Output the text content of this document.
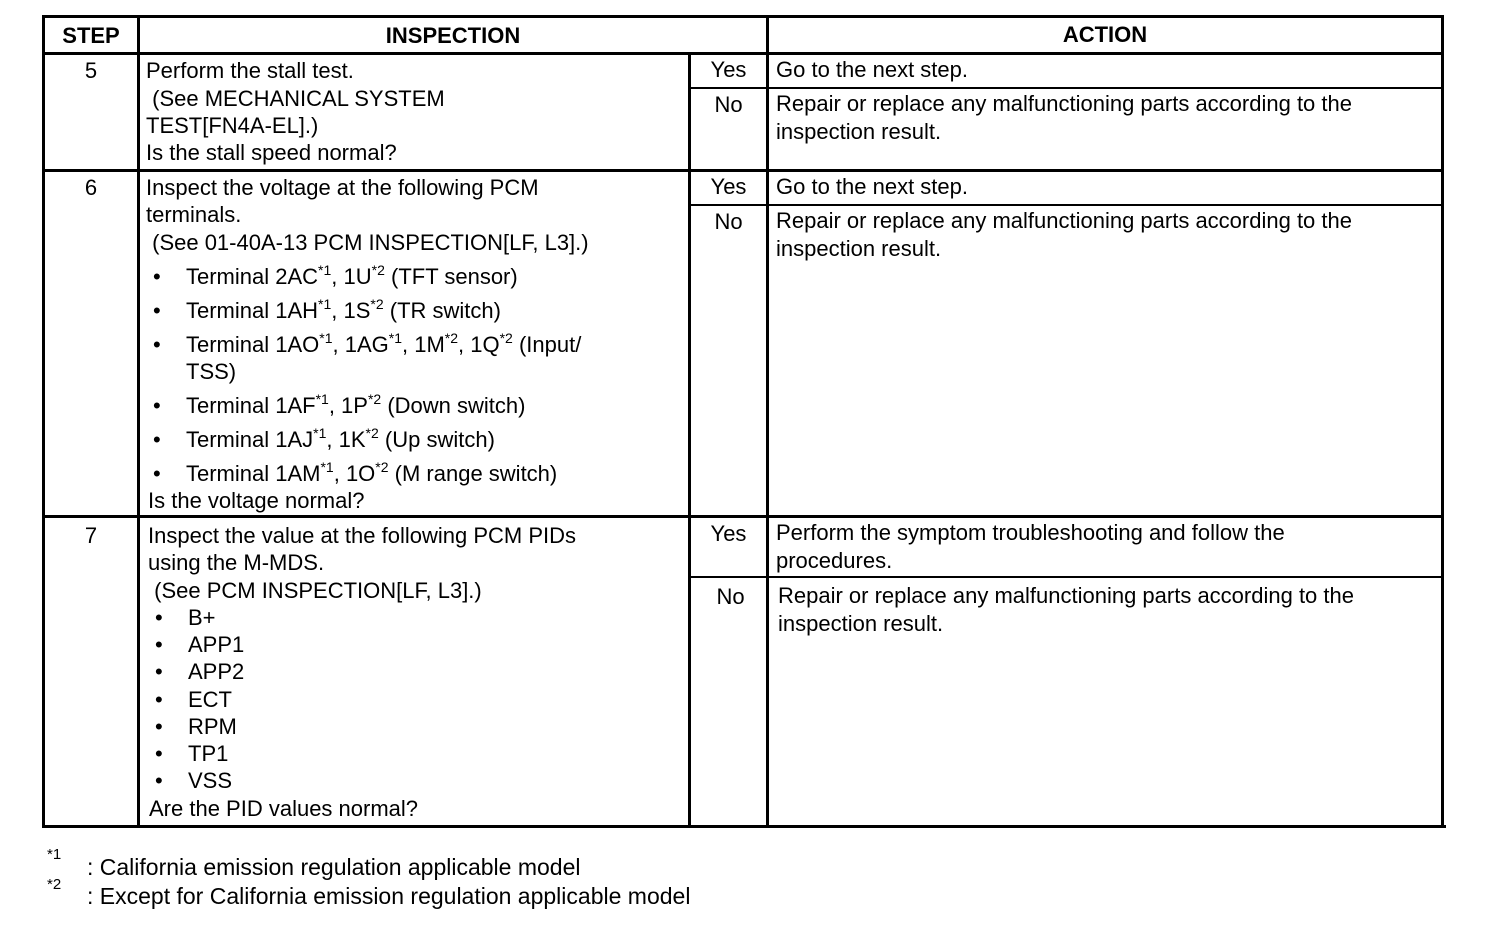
STEP	INSPECTION	ACTION
5	Perform the stall test.
(See MECHANICAL SYSTEM
TEST[FN4A-EL].)
Is the stall speed normal?
Yes	Go to the next step.
No	Repair or replace any malfunctioning parts according to the
inspection result.
6	Inspect the voltage at the following PCM
terminals.
(See 01-40A-13 PCM INSPECTION[LF, L3].)
• Terminal 2AC$^{*1}$, $1U^{*2}$ (TFT sensor)
• Terminal 1AH$^{*1}$, $1S^{*2}$ (TR switch)
• Terminal 1AO$^{*1}$, 1AG$^{*1}$, $1M^{*2}$, $1Q^{*2}$ (Input/
TSS)
• Terminal 1AF$^{*1}$, $1P^{*2}$ (Down switch)
• Terminal 1AJ$^{*1}$, $1K^{*2}$ (Up switch)
• Terminal 1AM$^{*1}$, $1O^{*2}$ (M range switch)
Is the voltage normal?
Yes	Go to the next step.
No	Repair or replace any malfunctioning parts according to the
inspection result.
7	Inspect the value at the following PCM PIDs
using the M-MDS.
(See PCM INSPECTION[LF, L3].)
• B+
• APP1
• APP2
• ECT
• RPM
• TP1
• VSS
Are the PID values normal?
Yes	Perform the symptom troubleshooting and follow the
procedures.
No	Repair or replace any malfunctioning parts according to the
inspection result.
*1 : California emission regulation applicable model
*2 : Except for California emission regulation applicable model
